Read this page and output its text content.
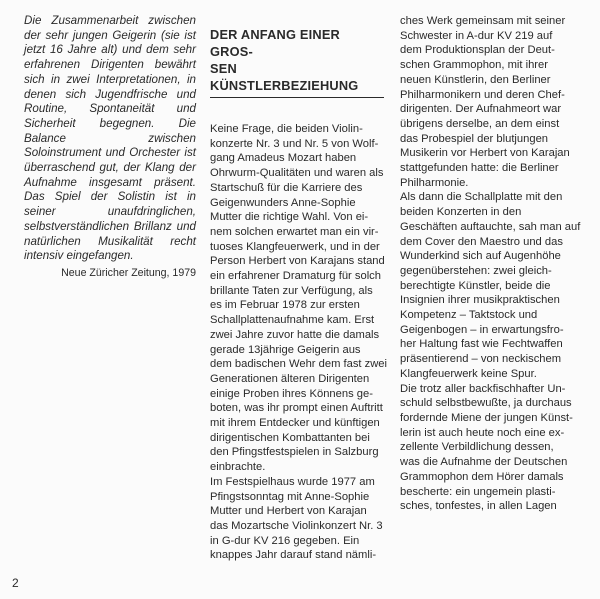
Die Zusammenarbeit zwischen der sehr jungen Geigerin (sie ist jetzt 16 Jahre alt) und dem sehr erfahrenen Dirigenten bewährt sich in zwei Interpretationen, in denen sich Jugendfrische und Routine, Spontaneität und Sicherheit begegnen. Die Balance zwischen Soloinstrument und Orchester ist überraschend gut, der Klang der Aufnahme insgesamt präsent. Das Spiel der Solistin ist in seiner unaufdringlichen, selbstverständlichen Brillanz und natürlichen Musikalität recht intensiv eingefangen.

Neue Züricher Zeitung, 1979
DER ANFANG EINER GROS-
SEN KÜNSTLERBEZIEHUNG
Keine Frage, die beiden Violin-
konzerte Nr. 3 und Nr. 5 von Wolf-
gang Amadeus Mozart haben
Ohrwurm-Qualitäten und waren als
Startschuß für die Karriere des
Geigenwunders Anne-Sophie
Mutter die richtige Wahl. Von ei-
nem solchen erwartet man ein vir-
tuoses Klangfeuerwerk, und in der
Person Herbert von Karajans stand
ein erfahrener Dramaturg für solch
brillante Taten zur Verfügung, als
es im Februar 1978 zur ersten
Schallplattenaufnahme kam. Erst
zwei Jahre zuvor hatte die damals
gerade 13jährige Geigerin aus
dem badischen Wehr dem fast zwei
Generationen älteren Dirigenten
einige Proben ihres Könnens ge-
boten, was ihr prompt einen Auftritt
mit ihrem Entdecker und künftigen
dirigentischen Kombattanten bei
den Pfingstfestspielen in Salzburg
einbrachte.
Im Festspielhaus wurde 1977 am
Pfingstsonntag mit Anne-Sophie
Mutter und Herbert von Karajan
das Mozartsche Violinkonzert Nr. 3
in G-dur KV 216 gegeben. Ein
knappes Jahr darauf stand nämli-
ches Werk gemeinsam mit seiner
Schwester in A-dur KV 219 auf
dem Produktionsplan der Deut-
schen Grammophon, mit ihrer
neuen Künstlerin, den Berliner
Philharmonikern und deren Chef-
dirigenten. Der Aufnahmeort war
übrigens derselbe, an dem einst
das Probespiel der blutjungen
Musikerin vor Herbert von Karajan
stattgefunden hatte: die Berliner
Philharmonie.
Als dann die Schallplatte mit den
beiden Konzerten in den
Geschäften auftauchte, sah man auf
dem Cover den Maestro und das
Wunderkind sich auf Augenhöhe
gegenüberstehen: zwei gleich-
berechtigte Künstler, beide die
Insignien ihrer musikpraktischen
Kompetenz – Taktstock und
Geigenbogen – in erwartungsfro-
her Haltung fast wie Fechtwaffen
präsentierend – von neckischem
Klangfeuerwerk keine Spur.
Die trotz aller backfischhafter Un-
schuld selbstbewußte, ja durchaus
fordernde Miene der jungen Künst-
lerin ist auch heute noch eine ex-
zellente Verbildlichung dessen,
was die Aufnahme der Deutschen
Grammophon dem Hörer damals
bescherte: ein ungemein plasti-
sches, tonfestes, in allen Lagen
2
